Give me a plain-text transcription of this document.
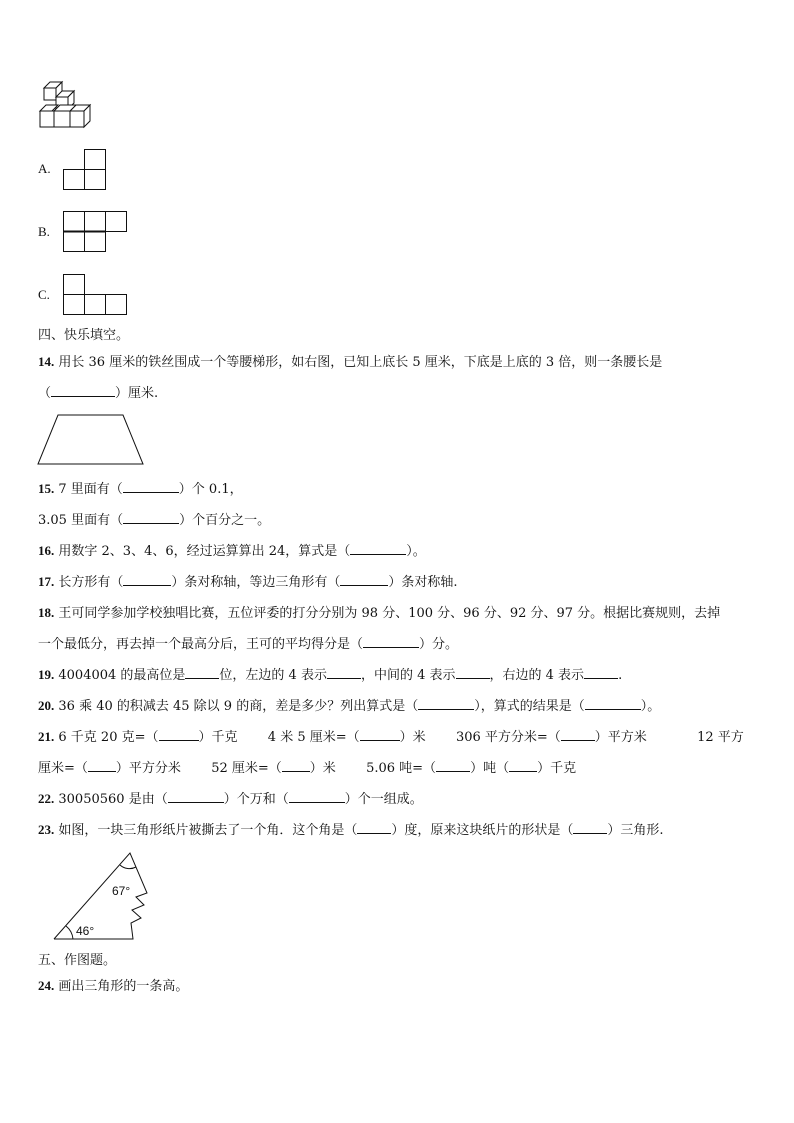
A.
B.
C.
四、快乐填空。
14. 用长 36 厘米的铁丝围成一个等腰梯形，如右图，已知上底长 5 厘米，下底是上底的 3 倍，则一条腰长是
（	）厘米.
15. 7 里面有（	）个 0.1，
3.05 里面有（	）个百分之一。
16. 用数字 2、3、4、6，经过运算算出 24，算式是（	）。
17. 长方形有（	）条对称轴，等边三角形有（	）条对称轴.
18. 王可同学参加学校独唱比赛，五位评委的打分分别为 98 分、100 分、96 分、92 分、97 分。根据比赛规则，去掉
一个最低分，再去掉一个最高分后，王可的平均得分是（	）分。
19. 4004004 的最高位是	位，左边的 4 表示	，中间的 4 表示	，右边的 4 表示	.
20. 36 乘 40 的积减去 45 除以 9 的商，差是多少？列出算式是（	），算式的结果是（	）。
21. 6 千克 20 克=（	）千克 4 米 5 厘米=（	）米 306 平方分米=（	）平方米	12 平方
厘米=（ ）平方分米 52 厘米=（ ）米 5.06 吨=（	）吨（ ）千克
22. 30050560 是由（	）个万和（	）个一组成。
23. 如图，一块三角形纸片被撕去了一个角．这个角是（	）度，原来这块纸片的形状是（	）三角形.
67°
46°
五、作图题。
24. 画出三角形的一条高。
